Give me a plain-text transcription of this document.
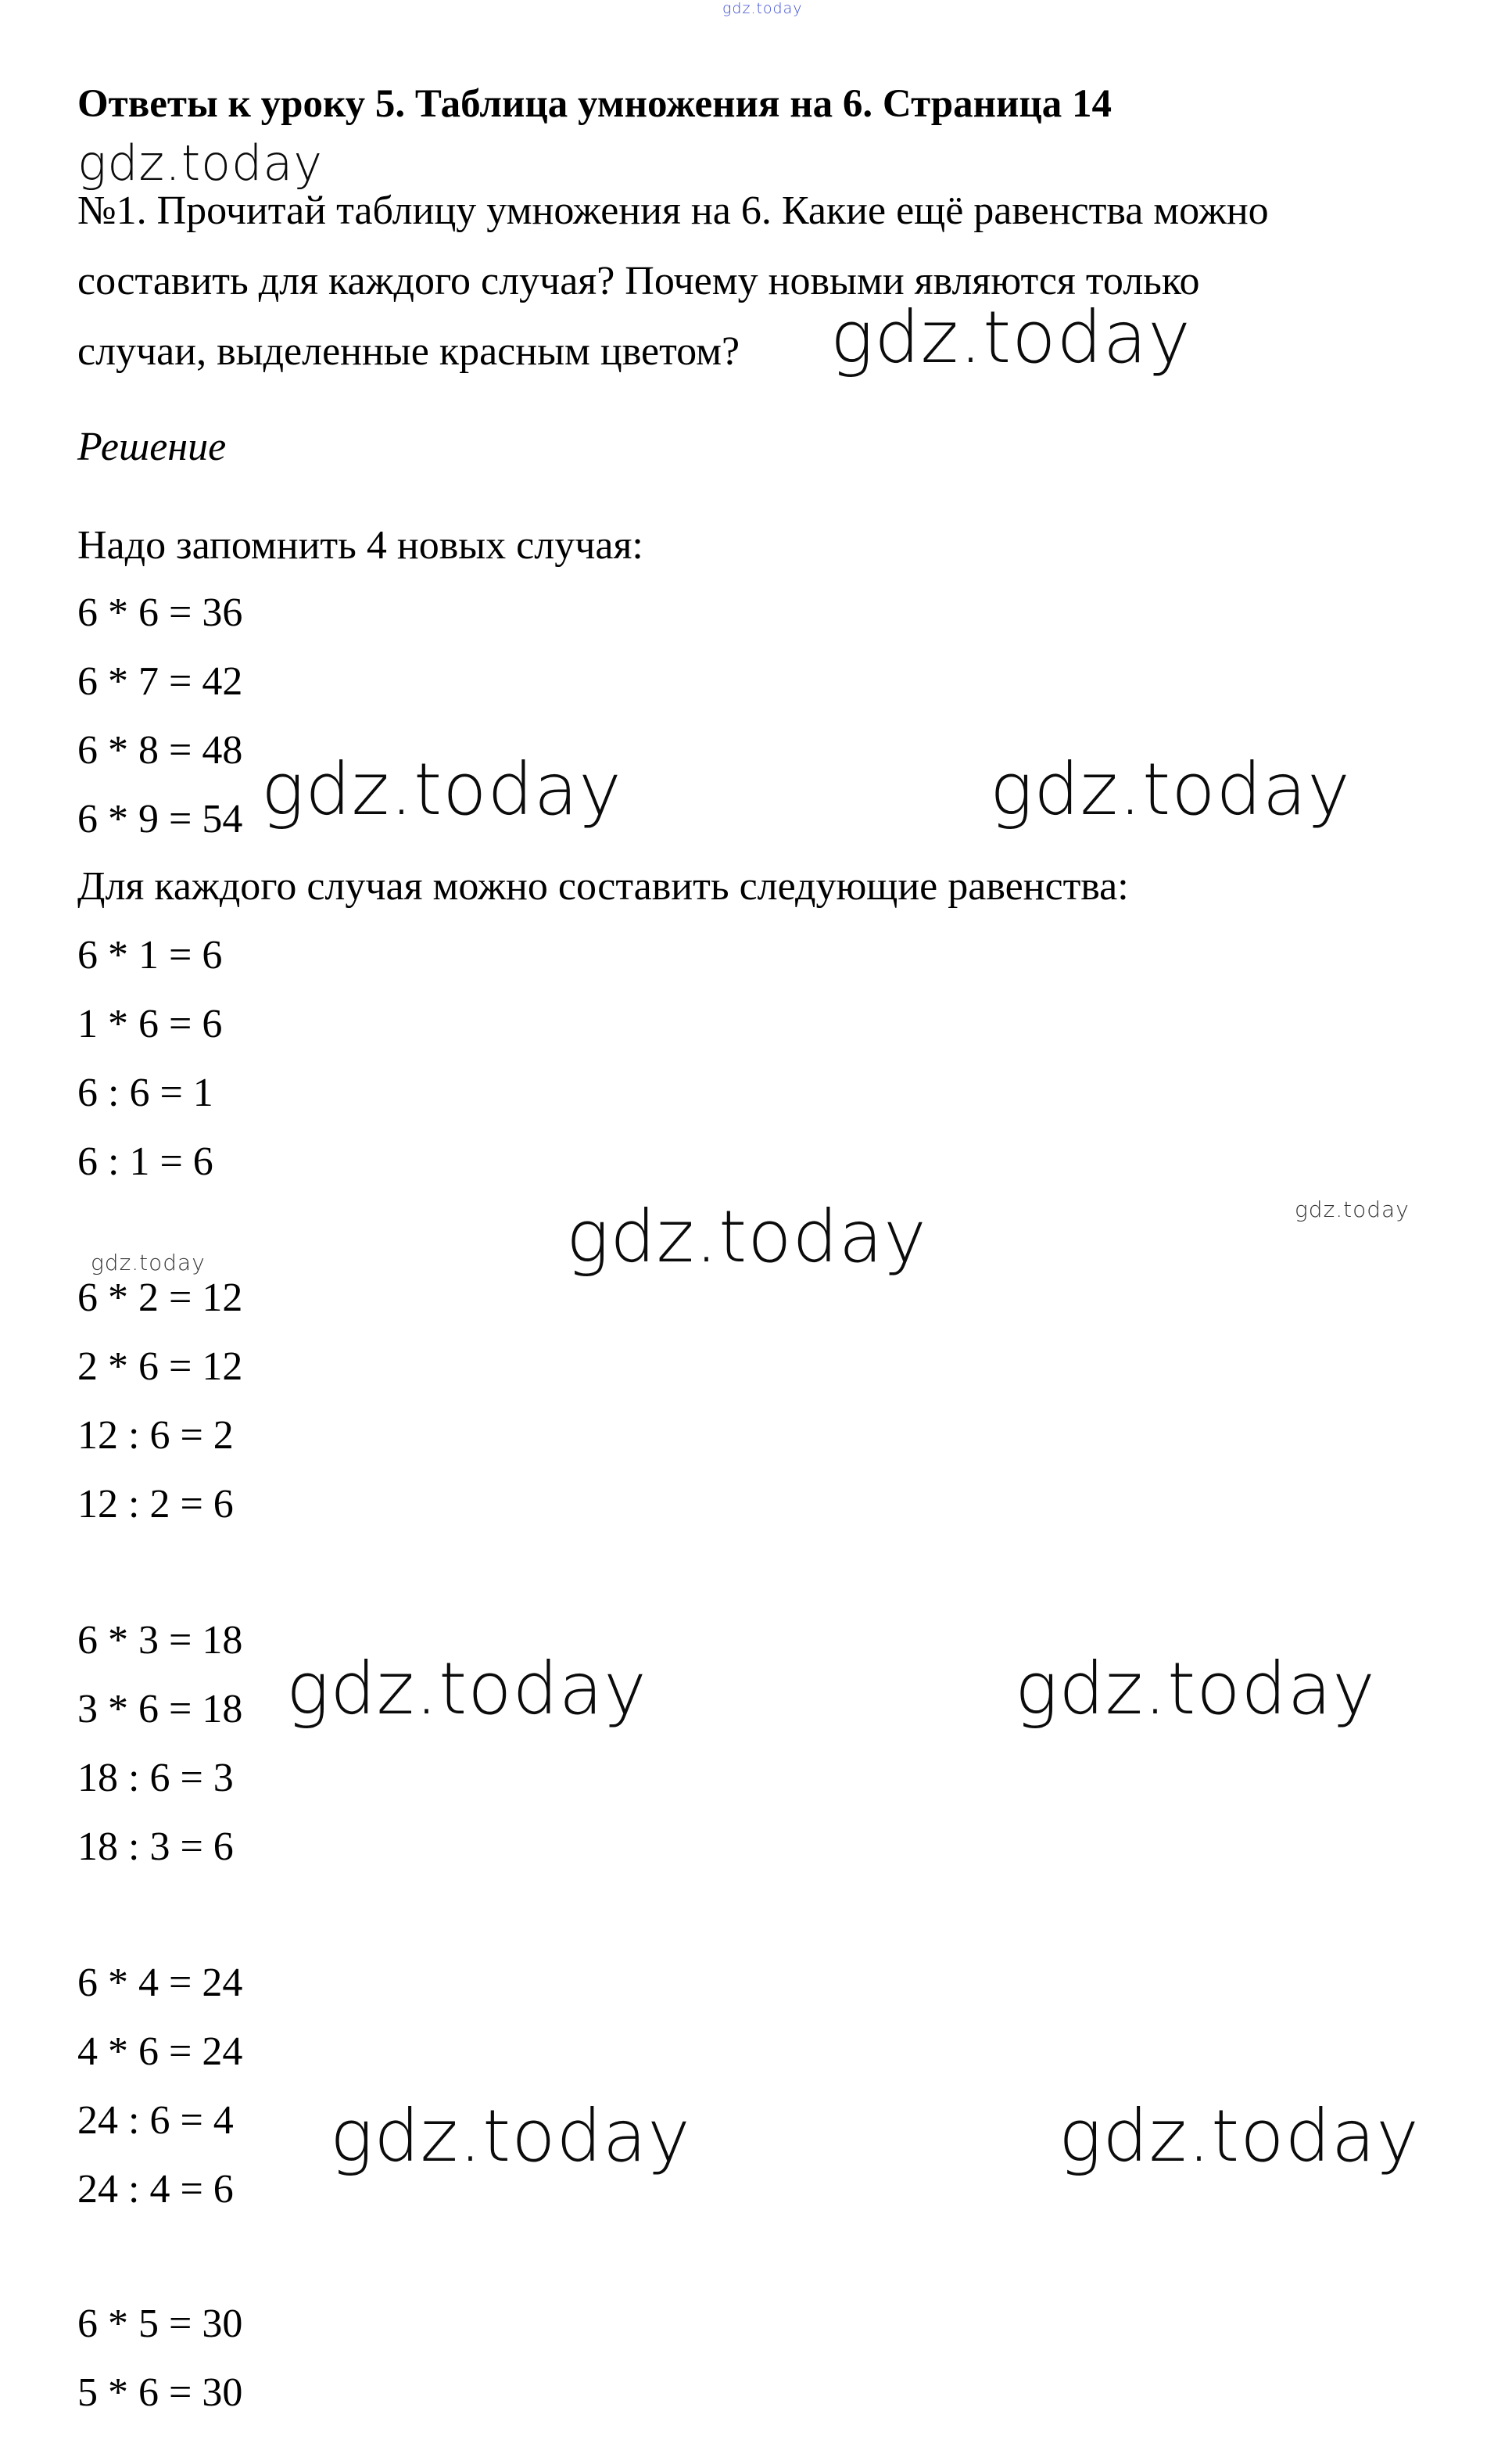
gdz.today
Ответы к уроку 5. Таблица умножения на 6. Страница 14
gdz.today
№1. Прочитай таблицу умножения на 6. Какие ещё равенства можно
составить для каждого случая? Почему новыми являются только
случаи, выделенные красным цветом? gdz.today
Решение
Надо запомнить 4 новых случая:
6 * 6 = 36
6 * 7 = 42
6 * 8 = 48
6 * 9 = 54 gdz.today	gdz.today
Для каждого случая можно составить следующие равенства:
6 * 1 = 6
1 * 6 = 6
6 : 6 = 1
6 : 1 = 6
gdz.today	gdz.today
gdz.today
6 * 2 = 12
2 * 6 = 12
12 : 6 = 2
12 : 2 = 6
6 * 3 = 18
3 * 6 = 18
18 : 6 = 3
18 : 3 = 6
gdz.today	gdz.today
6 * 4 = 24
4 * 6 = 24
24 : 6 = 4
24 : 4 = 6
gdz.today	gdz.today
6 * 5 = 30
5 * 6 = 30
